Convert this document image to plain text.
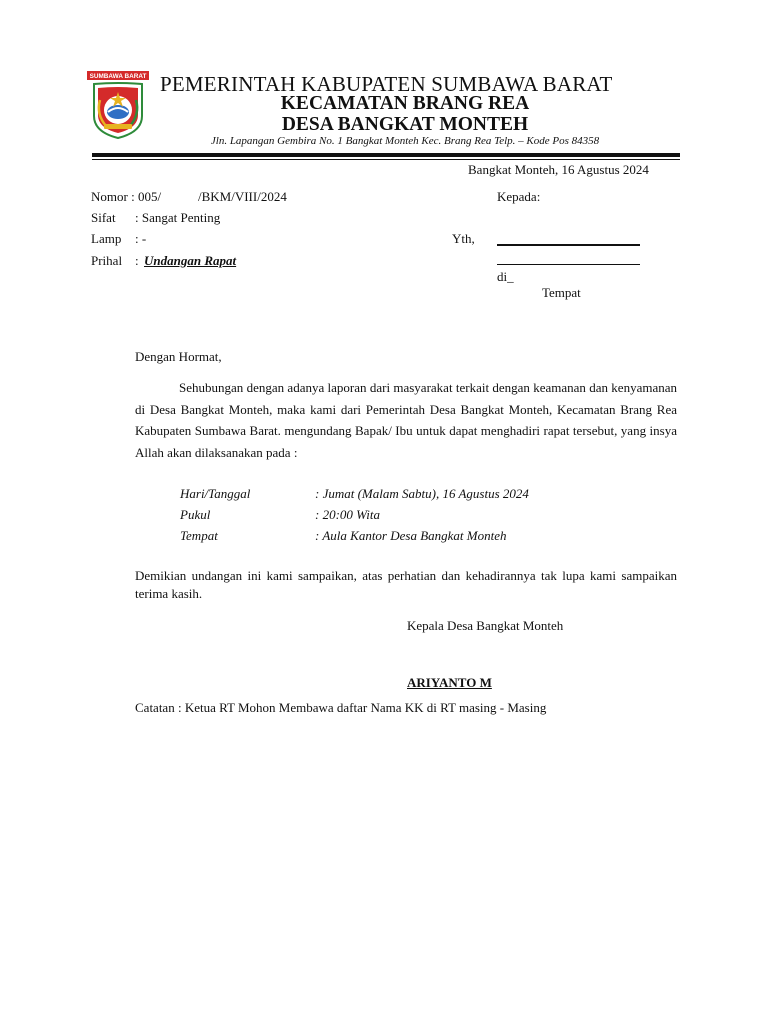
SUMBAWA BARAT PEMERINTAH KABUPATEN SUMBAWA BARAT
KECAMATAN BRANG REA
DESA BANGKAT MONTEH
Jln. Lapangan Gembira No. 1 Bangkat Monteh Kec. Brang Rea Telp. – Kode Pos 84358
Bangkat Monteh, 16 Agustus 2024
Nomor : 005/	/BKM/VIII/2024
Sifat : Sangat Penting
Lamp : -
Prihal : Undangan Rapat
Kepada:
Yth,
di_
Tempat
Dengan Hormat,
Sehubungan dengan adanya laporan dari masyarakat terkait dengan keamanan dan kenyamanan di Desa Bangkat Monteh, maka kami dari Pemerintah Desa Bangkat Monteh, Kecamatan Brang Rea Kabupaten Sumbawa Barat. mengundang Bapak/ Ibu untuk dapat menghadiri rapat tersebut, yang insya Allah akan dilaksanakan pada :
Hari/Tanggal	: Jumat (Malam Sabtu), 16 Agustus 2024
Pukul	: 20:00 Wita
Tempat	: Aula Kantor Desa Bangkat Monteh
Demikian undangan ini kami sampaikan, atas perhatian dan kehadirannya tak lupa kami sampaikan terima kasih.
Kepala Desa Bangkat Monteh
ARIYANTO M
Catatan : Ketua RT Mohon Membawa daftar Nama KK di RT masing - Masing
